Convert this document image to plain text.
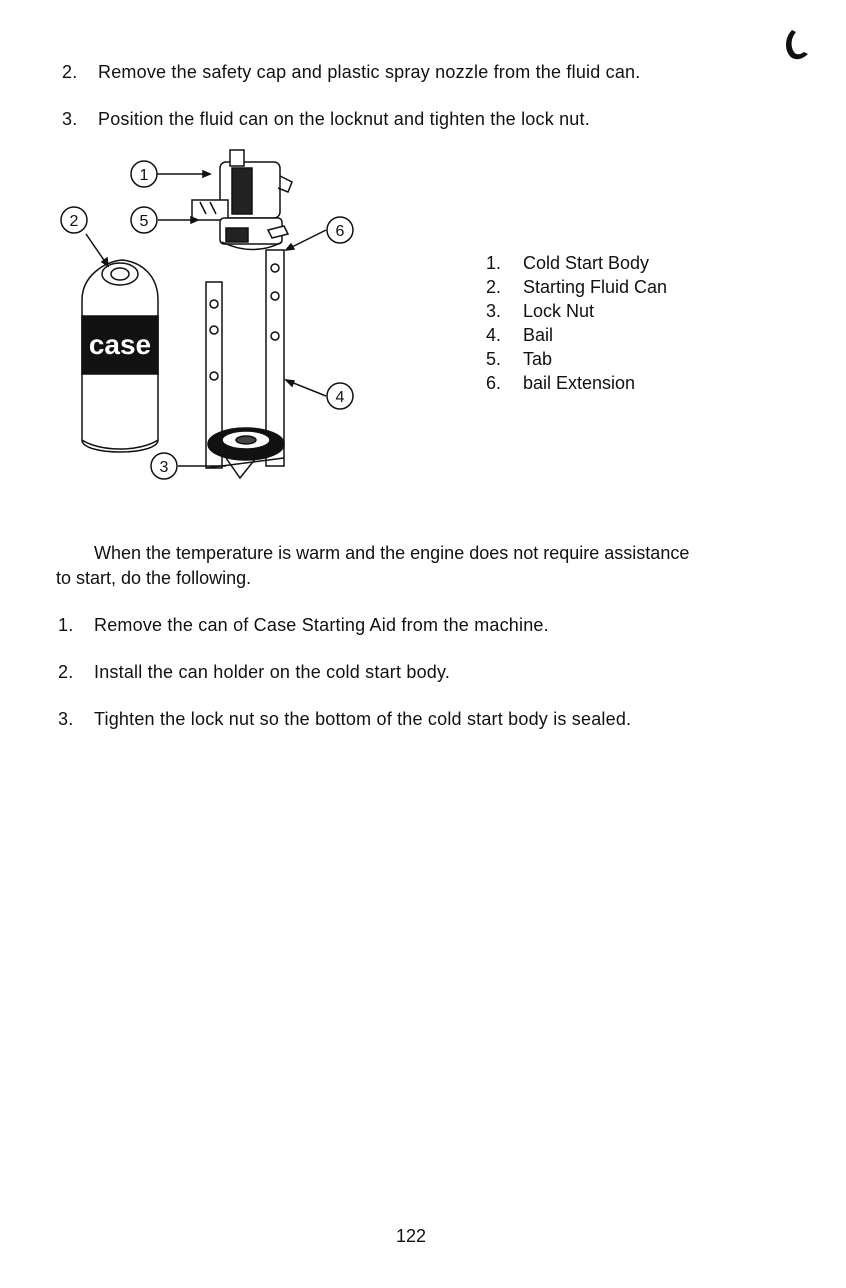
2. Remove the safety cap and plastic spray nozzle from the fluid can.
3. Position the fluid can on the locknut and tighten the lock nut.
1
2
3
4
5
6
case
1. Cold Start Body
2. Starting Fluid Can
3. Lock Nut
4. Bail
5. Tab
6. bail Extension
When the temperature is warm and the engine does not require assistance
to start, do the following.
1. Remove the can of Case Starting Aid from the machine.
2. Install the can holder on the cold start body.
3. Tighten the lock nut so the bottom of the cold start body is sealed.
122
